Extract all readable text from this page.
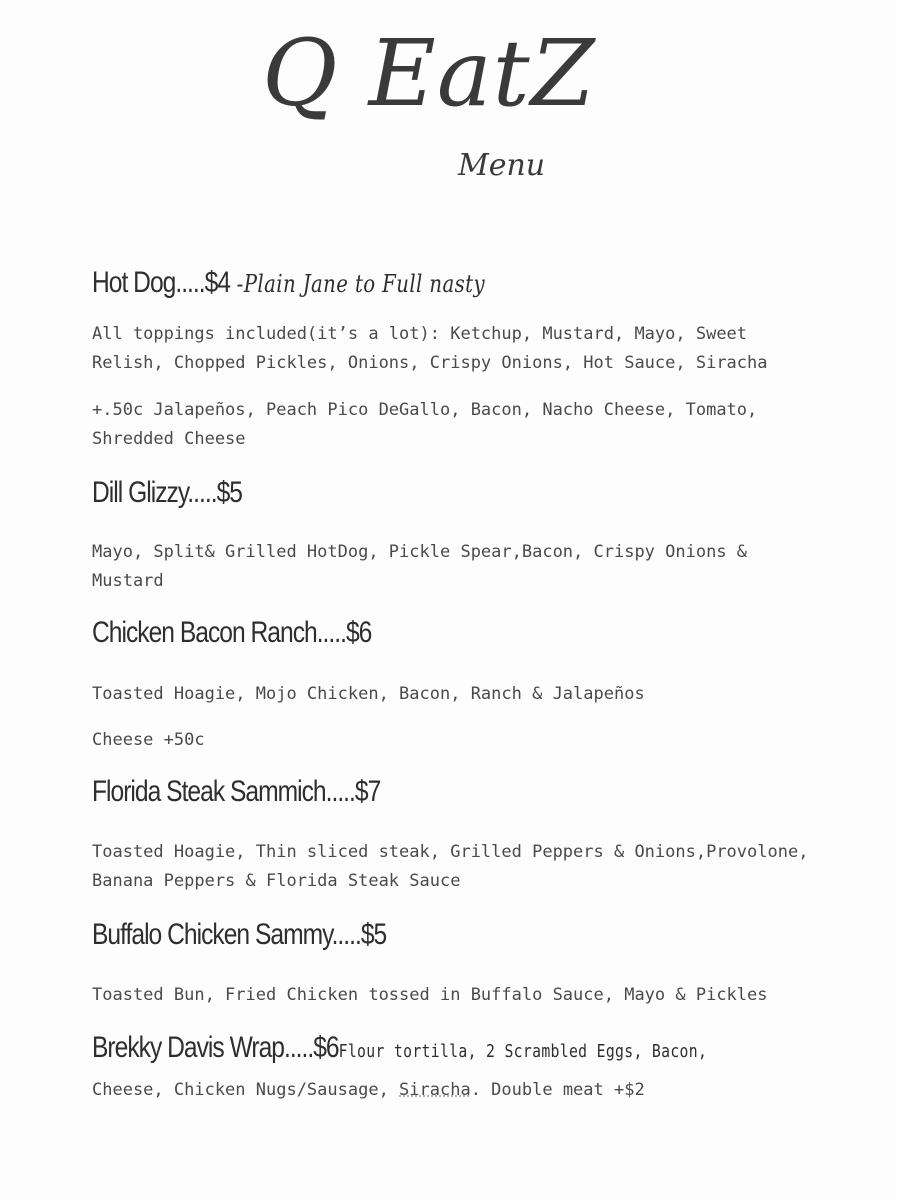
Q EatZ
Menu
Hot Dog.....$4 -Plain Jane to Full nasty

All toppings included(it’s a lot): Ketchup, Mustard, Mayo, Sweet
Relish, Chopped Pickles, Onions, Crispy Onions, Hot Sauce, Siracha

+.50c Jalapeños, Peach Pico DeGallo, Bacon, Nacho Cheese, Tomato,
Shredded Cheese

Dill Glizzy.....$5

Mayo, Split& Grilled HotDog, Pickle Spear,Bacon, Crispy Onions &
Mustard

Chicken Bacon Ranch.....$6

Toasted Hoagie, Mojo Chicken, Bacon, Ranch & Jalapeños

Cheese +50c

Florida Steak Sammich.....$7

Toasted Hoagie, Thin sliced steak, Grilled Peppers & Onions,Provolone,
Banana Peppers & Florida Steak Sauce

Buffalo Chicken Sammy.....$5

Toasted Bun, Fried Chicken tossed in Buffalo Sauce, Mayo & Pickles

Brekky Davis Wrap.....$6Flour tortilla, 2 Scrambled Eggs, Bacon,

Cheese, Chicken Nugs/Sausage, Siracha. Double meat +$2
